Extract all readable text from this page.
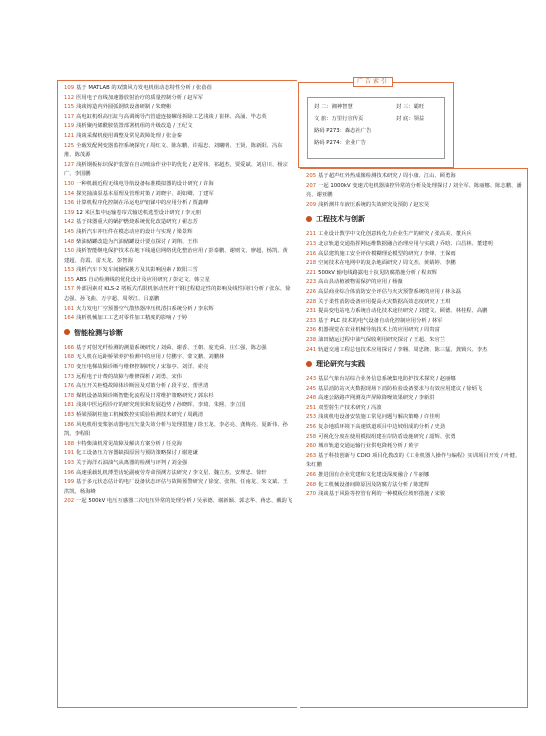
109 基于 MATLAB 的双馈风力发电机组动态特性分析 / 张蓓蓓

112 医用电子直线加速器放射治疗的质量控制分析 / 赵军军

115 浅谈铸造内外圆弧钢铁设备研制 / 朱晓彬

117 高电缸机组高压缸与高调阀导汽管道连接螺母拆除工艺浅谈 / 崔林、高涌、毕志英

119 浅析聚丙烯酰胺装置部署机组的升级改造 / 王纪文

121 浅谈采煤机使用调整及常见故障处理 / 张金秦

125 全载发配网变器监控系统探究 / 周红文、陈东鹏、许福忠、刘曦明、王贤、陈新阳、冯东淮、陈茂源

127 浅析钢板标识保护装置在自动喷涂作业中的优化 / 赵常伟、祁超杰、贾爱斌、刘启川、杨宗广、李国鹏

130 一种机载近程无线电导航设备标准模拟器的设计研究 / 许海

134 探究抽油泵基本原理及管理对策 / 刘晓宇、胡如卿、丁建军

136 计算机程序化控制在吊运电炉铝锑中的应用分析 / 贾鑫峰

139 12 米区集中运输卷帘式输送机选型设计研究 / 李元朋

142 基于抹器重大的蜗护燃烧系统优化改造研究 / 翟志芳

145 浅析汽车冲压件在模态动应的设计与实现 / 梁景辉

148 柴油储罐改造为汽油储罐设计要点探讨 / 刘翔、王伟

150 浅析智能继电保护技术在地下线通信网络优化整治应用 / 彭泰鹏、谢则文、廖超、杨凯、黄建超、肖霞、雷天龙、彭智海

153 浅析汽车下发车间辅保挑方及其影响因素 / 欧阳三雪

155 ABS 自动检测线的优化设计及应用研究 / 彭定文、韩立星

157 外部因素对 KLS-2 堵板式爪限机驱动丝杆干钢过程稳定性的影响及线性回归分析 / 张东、徐志强、孙飞曲、万宇超、周翠江、吕嘉鹏

161 火力发电厂空预器空气散热器冲压机清扫系统分析 / 李东辉

164 浅析机械加工工艺对零件加工精度的影响 / 于婷

智能检测与诊断

166 基于对射光纤检测的测量系统研究 / 刘舜、谢香、王朝、庞光舜、庄仁强、陈志强

168 无人机在远距桥梁养护检测中的应用 / 付鹏宇、蒙文鹏、刘鹏林

170 变压电梯故障诊断与维修控制研究 / 宋靠亭、刘洋、索亮

173 远程电子计费的故障与维修探析 / 刘勇、宋伟

176 高压开关柜缝故障体诊断因及对策分析 / 段平安、蕾世清

178 煤机设备故障诊断智能化流程及日常维护策略研究 / 郭东杉

181 浅谈中医远程诊疗的研究现状和发展趋势 / 孙晓晖、李琦、朱熙、李立国

183 桥梁预制柱施工机械数控实质验检测技术研究 / 周跳清

186 风电机组变桨驱动器电压矢量失效分析与处理措施 / 徐玉龙、李必亮、龚梅亮、夏新伟、孙凯、李程阳

188 卡特柴油机常见故障及解决方案分析 / 任克海

191 化工设备压力容器缺损原因与预防策略探讨 / 谢迎谦

193 关于海洋石油油气从离器的检测与评判 / 刘金强

196 高速重载轧机薄型齿轮副疲劳寿命预测方法研究 / 李文星、魏立杰、安理忠、徐轩

199 基于多元状态估计的电厂设备状态评估与故障预警研究 / 徐宽、张翔、任南龙、朱文斌、王洪凯、杨海峰

202 一起 500kV 电压互感器二次电压异常的处理分析 / 吴承德、谢新颖、郭志华、蒋忠、戴韵飞

广告索引
封 二：湘神智慧
文 旅：万里行宣传页
路码 P273：森态社广告
路码 P274：企业广告
封 三：霸旺
封 底：领益

205 基于超声红外热成像检测技术研究 / 周小康、江山、顾勇海

207 一起 1000kV 变速式电机器油控异常的分析及处理探讨 / 刘全军、陈丽娜、陈志鹏、潘亮、谢亚鹏

209 浅析测井车液压系统的失效研究及预防 / 赵宏昊

工程技术与创新

211 工业设计教学中文化创意转化力企业生产的研究 / 张高美、董兵兵

213 北京轨道交通指挥网运维数据融合治理应用与实践 / 乔晗、白昌林、董建明

216 高层建筑施工安全评价模糊理论模型的研究 / 李烽、王保雨

218 空间技术在电网中的复杂地面研究 / 周文杰、黄婧婷、李鹏

221 500kV 输电线路露电十抗见防腐措施分析 / 程双辉

223 高山县动植被物需保护的应用 / 杨薇

226 高层商业综合体消防安全评估与火灾预警系统的应用 / 林永磊

228 关于柔性消防设备应用提高火灾数据高效态度研究 / 王琪

231 提高变电站电力系统自动化技术途径研究 / 刘建文、顾德、林桂程、高鹏

233 基于 PLC 技术的电气设备自动化控制应用分析 / 林军

236 机器视觉在农业机械导航技术上的应用研究 / 周贵富

238 油田储运过程中油气保收利用研究探讨 / 王超、朱官兰

241 轨道交通工程总包技术应用探讨 / 李翱、周忠隆、陈三猛、龚锁兴、李杰

理论研究与实践

243 基层气象台站综合业务信息系统集电防护技术探究 / 赵丽娜

245 基层消防站灭火数据现场下消防检验设备要求与有效应用建议 / 徐炳飞

248 高速公路路声网测及声屏障降噪效果研究 / 李新洪

251 双型射生产技术研究 / 冯波

253 浅谈机电设备安装施工常见问题与解决策略 / 许佳明

256 复杂地质环境下高速铁道项目中边坡组成的分析 / 史劲

258 可视化分度在使用模拟组建在岸防盾设施研究 / 韶辉、张勇

260 城市轨道交通运输行业供电降耗分析 / 黄宇

263 基于科技创新与 CDIO 项目化教改的《工业机器人操作与编程》实训项目开发 / 叶健、朱红鹏

266 推进国有企业党建和文化建设深度融合 / 牛丽娜

268 化工机械设备间隙原因及防腐方法分析 / 陈建辉

270 浅谈基于风险等控管有利的一种模板位坡形措施 / 宋骏
